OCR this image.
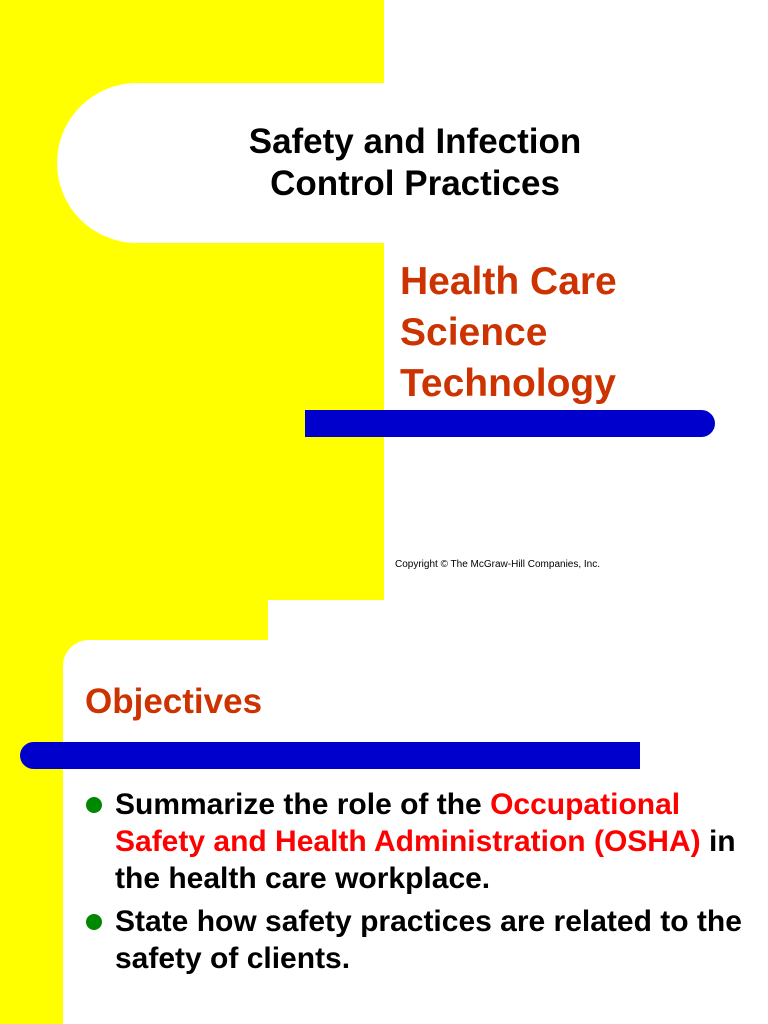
Safety and Infection
Control Practices
Health Care
Science
Technology

Copyright © The McGraw-Hill Companies, Inc.

Objectives
Summarize the role of the Occupational Safety and Health Administration (OSHA) in the health care workplace.
State how safety practices are related to the safety of clients.
